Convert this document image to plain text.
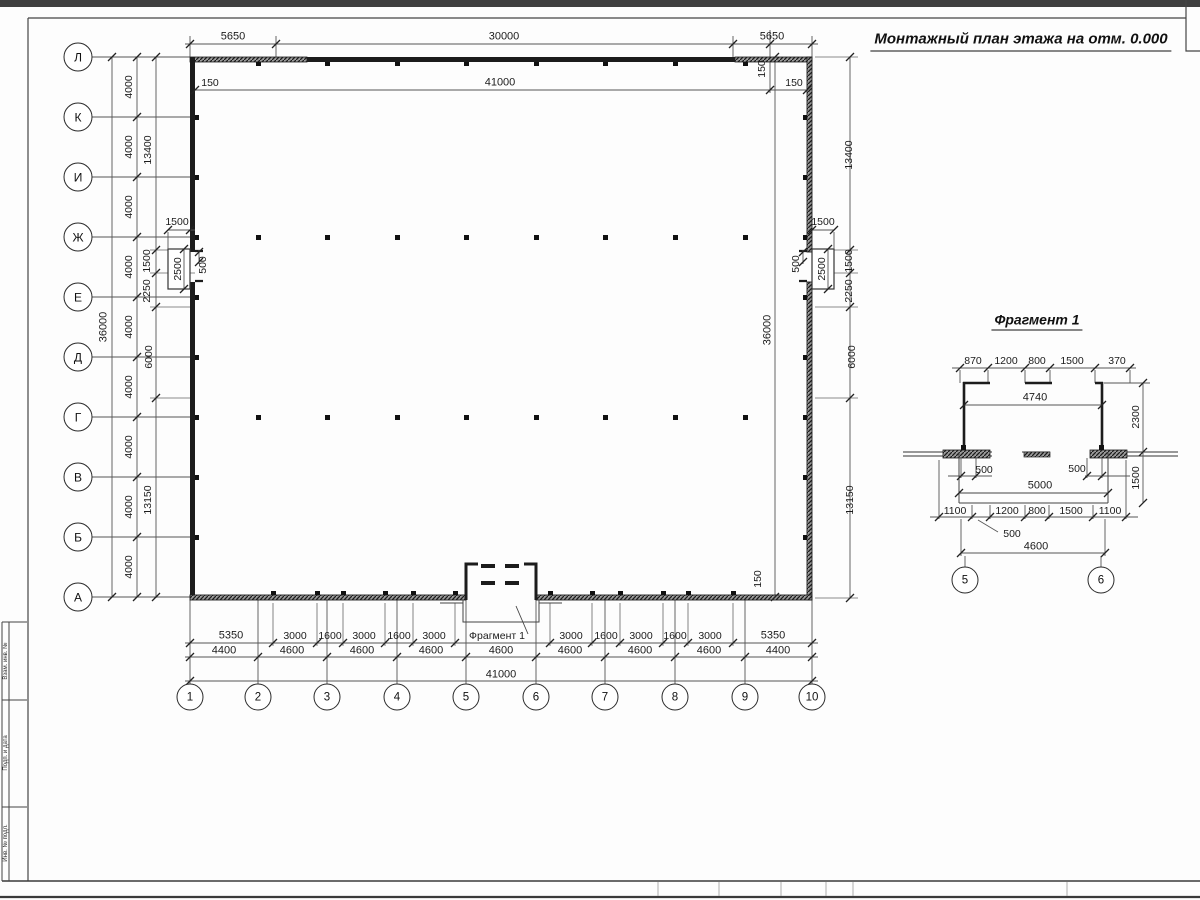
Монтажный план этажа на отм. 0.000
Фрагмент 1
5650	30000	5650
150	41000	150
150
150
36000
4000
4000
4000
4000
4000
4000
4000
4000
4000
13400
1500
2250
6000
13150
1500
2500 500
36000
13400
1500
2250
6000
13150
1500
2500
500
5350	3000 1600 3000 1600 3000 Фрагмент 1	3000 1600 3000 1600 3000	5350
4400	4600	4600	4600	4600	4600	4600	4600	4400
41000
Л
К
И
Ж
Е
Д
Г
В
Б
А
1	2	3	4	5	6	7	8	9	10
870 1200 800 1500 370
4740
2300
500	500
5000	1500
1100	1200 800 1500 1100
500
4600
5	6
Взам. инв. №
Подп. и дата
Инв. № подл.
